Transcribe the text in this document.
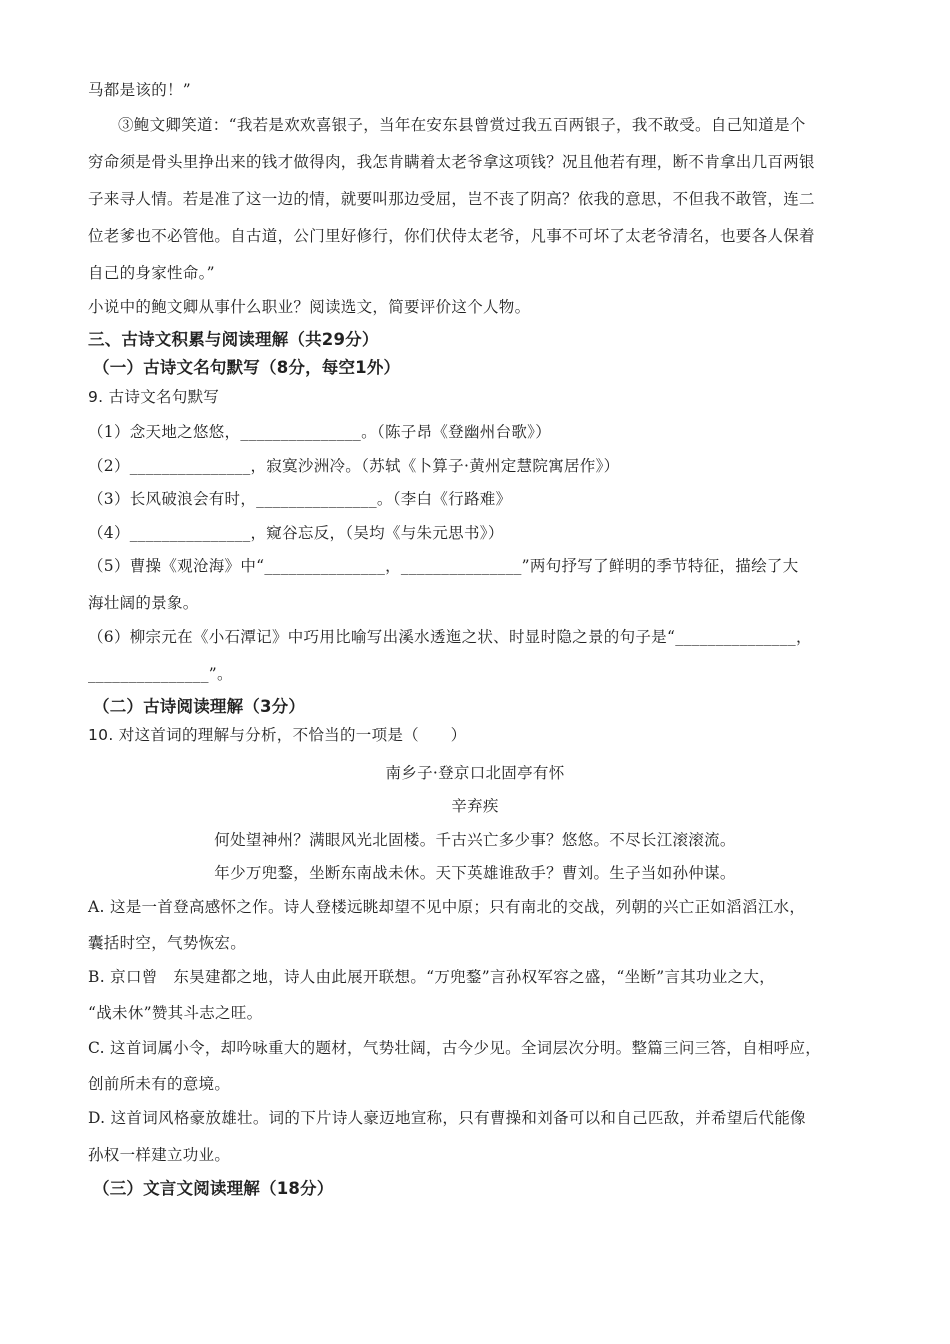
马都是该的！”
③鲍文卿笑道：“我若是欢欢喜银子，当年在安东县曾赏过我五百两银子，我不敢受。自己知道是个
穷命须是骨头里挣出来的钱才做得肉，我怎肯瞒着太老爷拿这项钱？况且他若有理，断不肯拿出几百两银
子来寻人情。若是准了这一边的情，就要叫那边受屈，岂不丧了阴高？依我的意思，不但我不敢管，连二
位老爹也不必管他。自古道，公门里好修行，你们伏侍太老爷，凡事不可坏了太老爷清名，也要各人保着
自己的身家性命。”
小说中的鲍文卿从事什么职业？阅读选文，简要评价这个人物。
三、古诗文积累与阅读理解（共29分）
（一）古诗文名句默写（8分，每空1外）
9. 古诗文名句默写
（1）念天地之悠悠，_______________。（陈子昂《登幽州台歌》）
（2）_______________，寂寞沙洲冷。（苏轼《卜算子·黄州定慧院寓居作》）
（3）长风破浪会有时，_______________。（李白《行路难》
（4）_______________，窥谷忘反，（吴均《与朱元思书》）
（5）曹操《观沧海》中“_______________，_______________”两句抒写了鲜明的季节特征，描绘了大
海壮阔的景象。
（6）柳宗元在《小石潭记》中巧用比喻写出溪水透迤之状、时显时隐之景的句子是“_______________，
_______________”。
（二）古诗阅读理解（3分）
10. 对这首词的理解与分析，不恰当的一项是（　　）
南乡子·登京口北固亭有怀
辛弃疾
何处望神州？满眼风光北固楼。千古兴亡多少事？悠悠。不尽长江滚滚流。
年少万兜鍪，坐断东南战未休。天下英雄谁敌手？曹刘。生子当如孙仲谋。
A. 这是一首登高感怀之作。诗人登楼远眺却望不见中原；只有南北的交战，列朝的兴亡正如滔滔江水，
囊括时空，气势恢宏。
B. 京口曾　东昊建都之地，诗人由此展开联想。“万兜鍪”言孙权军容之盛，“坐断”言其功业之大，
“战未休”赞其斗志之旺。
C. 这首词属小令，却吟咏重大的题材，气势壮阔，古今少见。全词层次分明。整篇三问三答，自相呼应，
创前所未有的意境。
D. 这首词风格豪放雄壮。词的下片诗人豪迈地宣称，只有曹操和刘备可以和自己匹敌，并希望后代能像
孙权一样建立功业。
（三）文言文阅读理解（18分）
